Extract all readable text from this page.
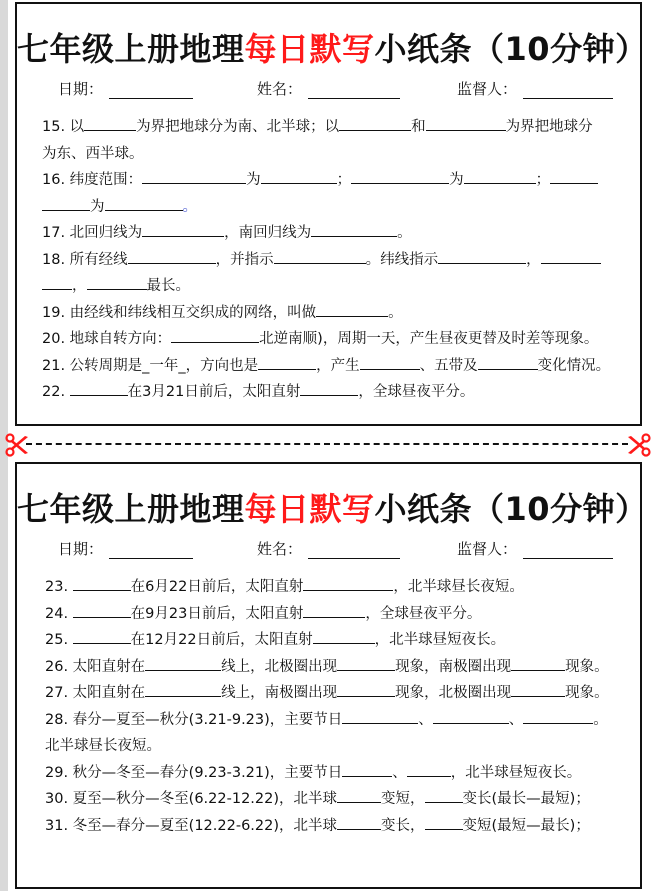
七年级上册地理每日默写小纸条（10分钟）
日期：	姓名：	监督人：

15. 以	为界把地球分为南、北半球；以	和	为界把地球分

为东、西半球。

16. 纬度范围：	为	；	为	；

为	。

17. 北回归线为	，南回归线为	。

18. 所有经线	，并指示	。纬线指示	，

，	最长。

19. 由经线和纬线相互交织成的网络，叫做	。

20. 地球自转方向：	北逆南顺)，周期一天，产生昼夜更替及时差等现象。

21. 公转周期是_一年_，方向也是	，产生	、五带及	变化情况。

22.	在3月21日前后，太阳直射	，全球昼夜平分。

七年级上册地理每日默写小纸条（10分钟）
日期：	姓名：	监督人：

23.	在6月22日前后，太阳直射	，北半球昼长夜短。

24.	在9月23日前后，太阳直射	，全球昼夜平分。

25.	在12月22日前后，太阳直射	，北半球昼短夜长。

26. 太阳直射在	线上，北极圈出现	现象，南极圈出现	现象。

27. 太阳直射在	线上，南极圈出现	现象，北极圈出现	现象。

28. 春分—夏至—秋分(3.21-9.23)，主要节日	、	、	。

北半球昼长夜短。

29. 秋分—冬至—春分(9.23-3.21)，主要节日	、	，北半球昼短夜长。

30. 夏至—秋分—冬至(6.22-12.22)，北半球	变短，	变长(最长—最短)；

31. 冬至—春分—夏至(12.22-6.22)，北半球	变长，	变短(最短—最长)；
